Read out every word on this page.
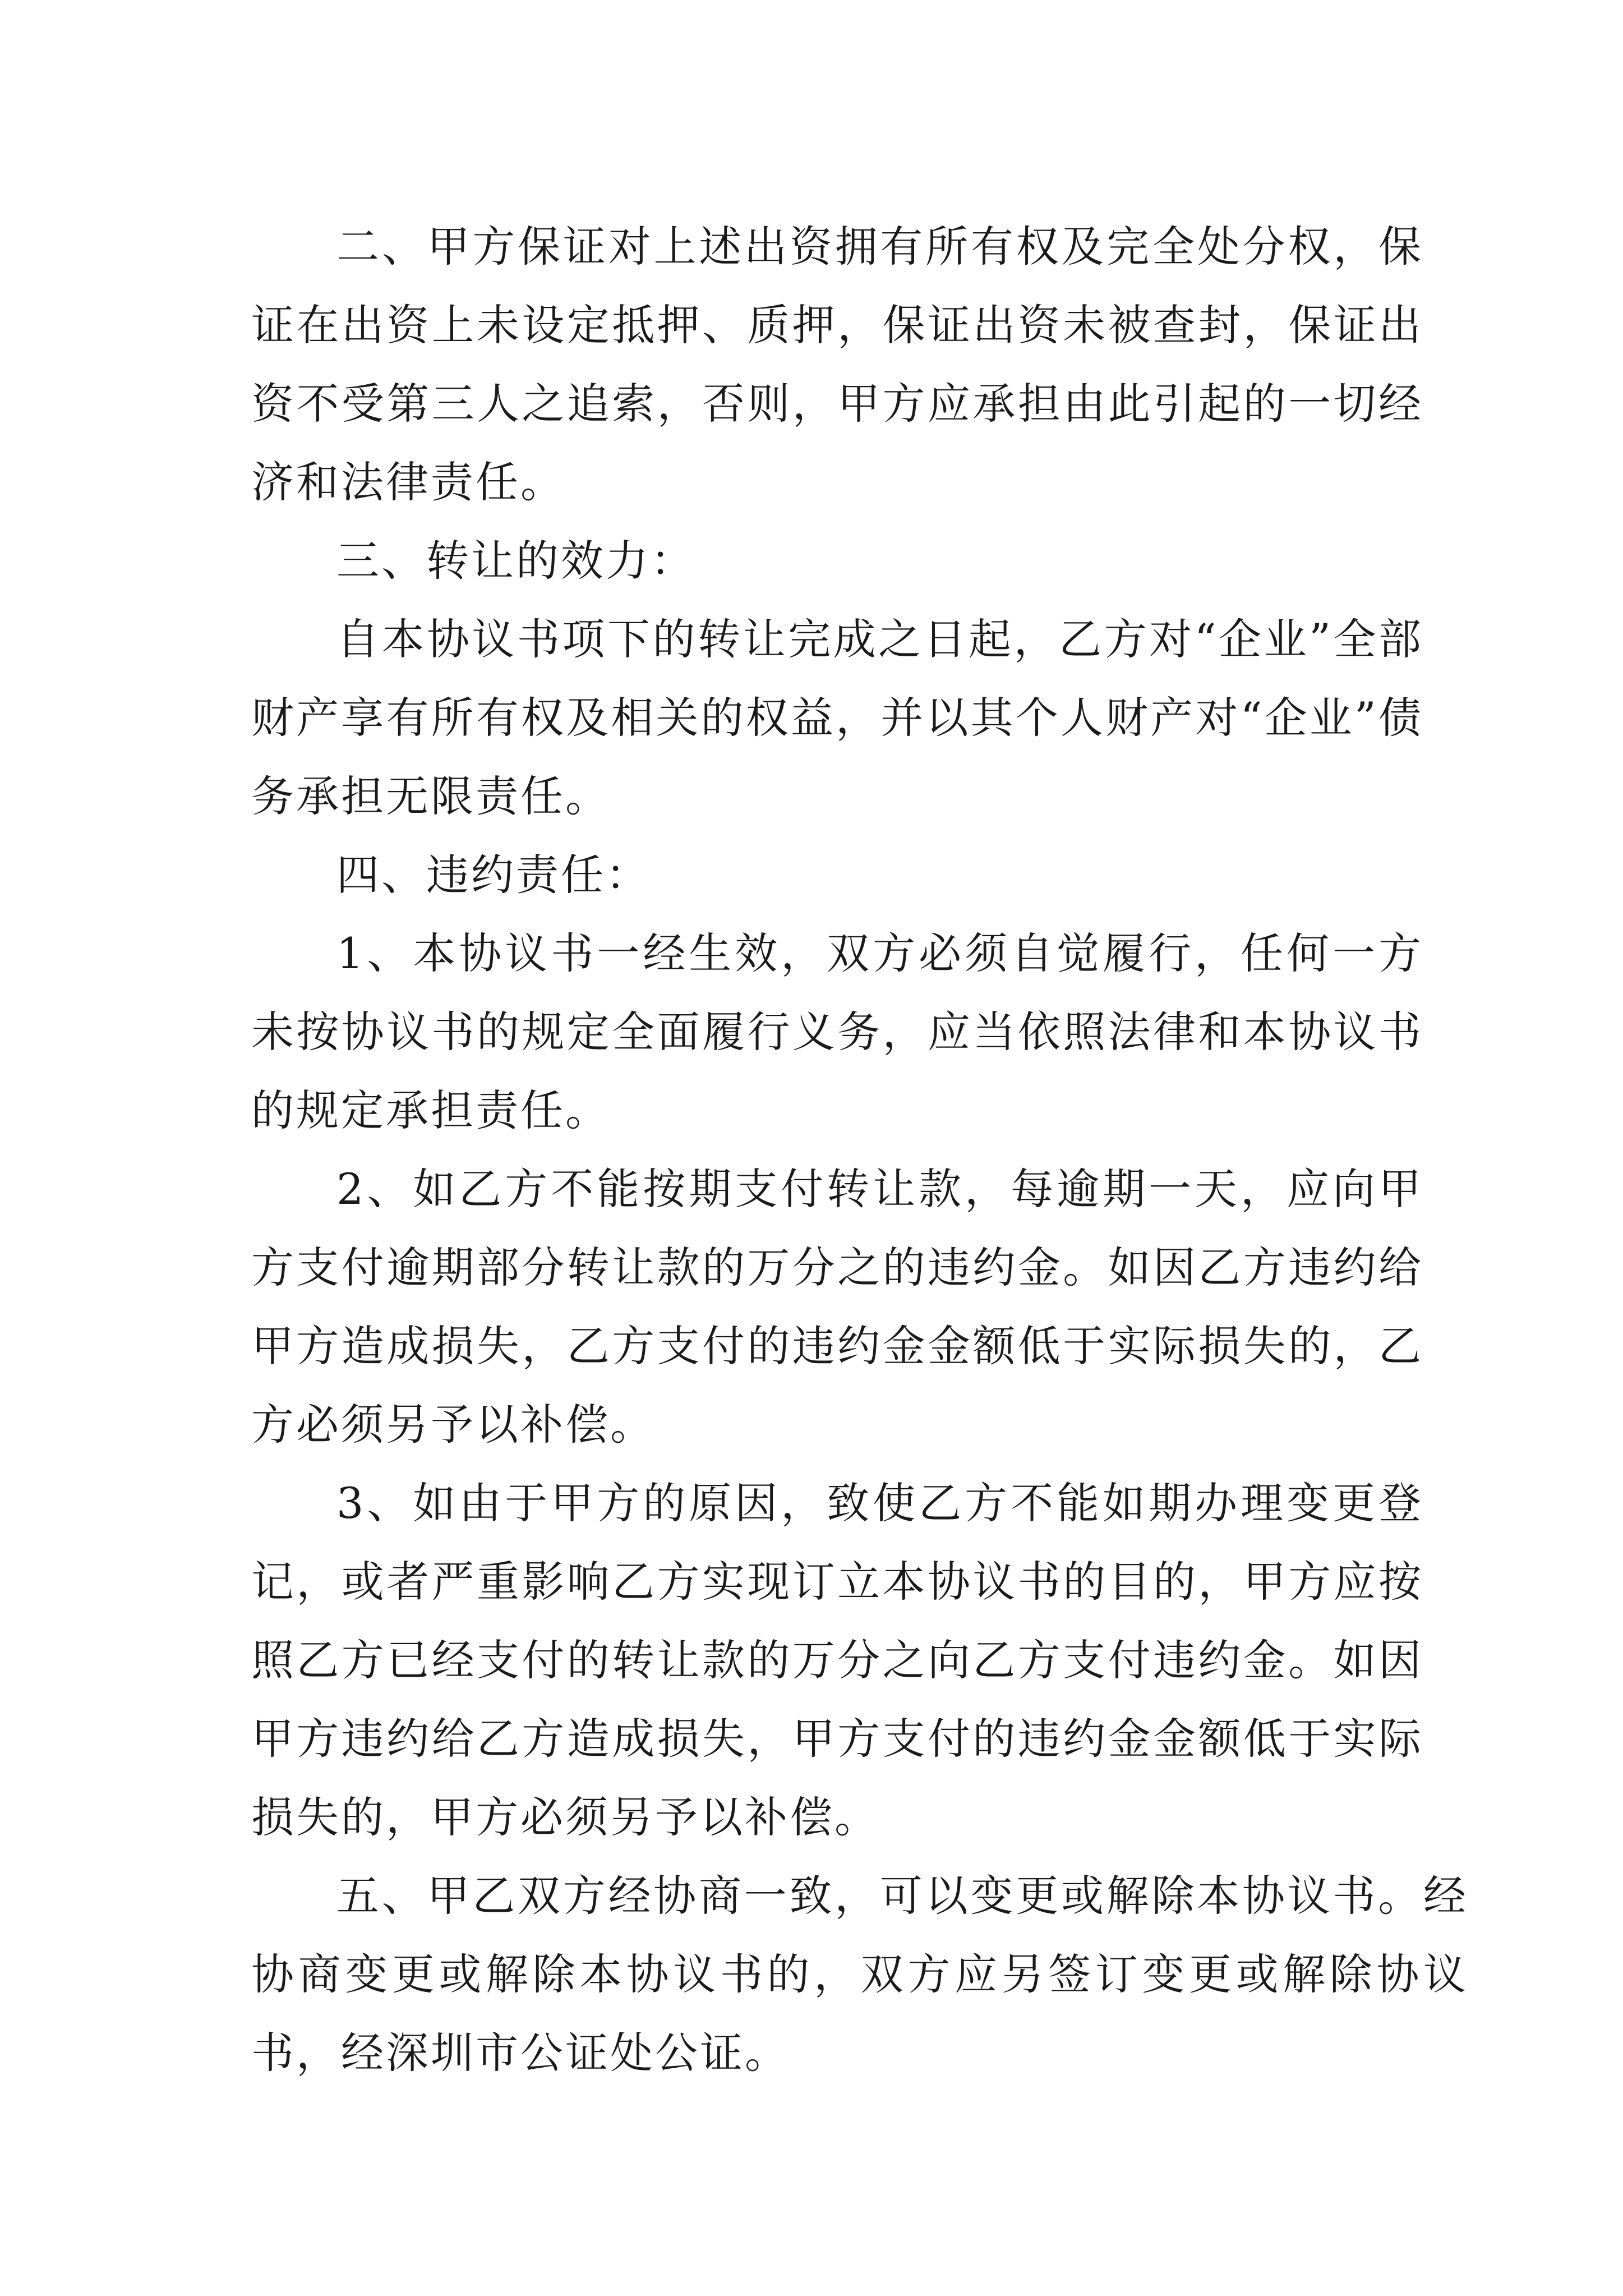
二、甲方保证对上述出资拥有所有权及完全处分权，保证在出资上未设定抵押、质押，保证出资未被查封，保证出资不受第三人之追索，否则，甲方应承担由此引起的一切经济和法律责任。

三、转让的效力：

自本协议书项下的转让完成之日起，乙方对“企业”全部财产享有所有权及相关的权益，并以其个人财产对“企业”债务承担无限责任。

四、违约责任：

1、本协议书一经生效，双方必须自觉履行，任何一方未按协议书的规定全面履行义务，应当依照法律和本协议书的规定承担责任。

2、如乙方不能按期支付转让款，每逾期一天，应向甲方支付逾期部分转让款的万分之的违约金。如因乙方违约给甲方造成损失，乙方支付的违约金金额低于实际损失的，乙方必须另予以补偿。

3、如由于甲方的原因，致使乙方不能如期办理变更登记，或者严重影响乙方实现订立本协议书的目的，甲方应按照乙方已经支付的转让款的万分之向乙方支付违约金。如因甲方违约给乙方造成损失，甲方支付的违约金金额低于实际损失的，甲方必须另予以补偿。

五、甲乙双方经协商一致，可以变更或解除本协议书。经协商变更或解除本协议书的，双方应另签订变更或解除协议书，经深圳市公证处公证。
